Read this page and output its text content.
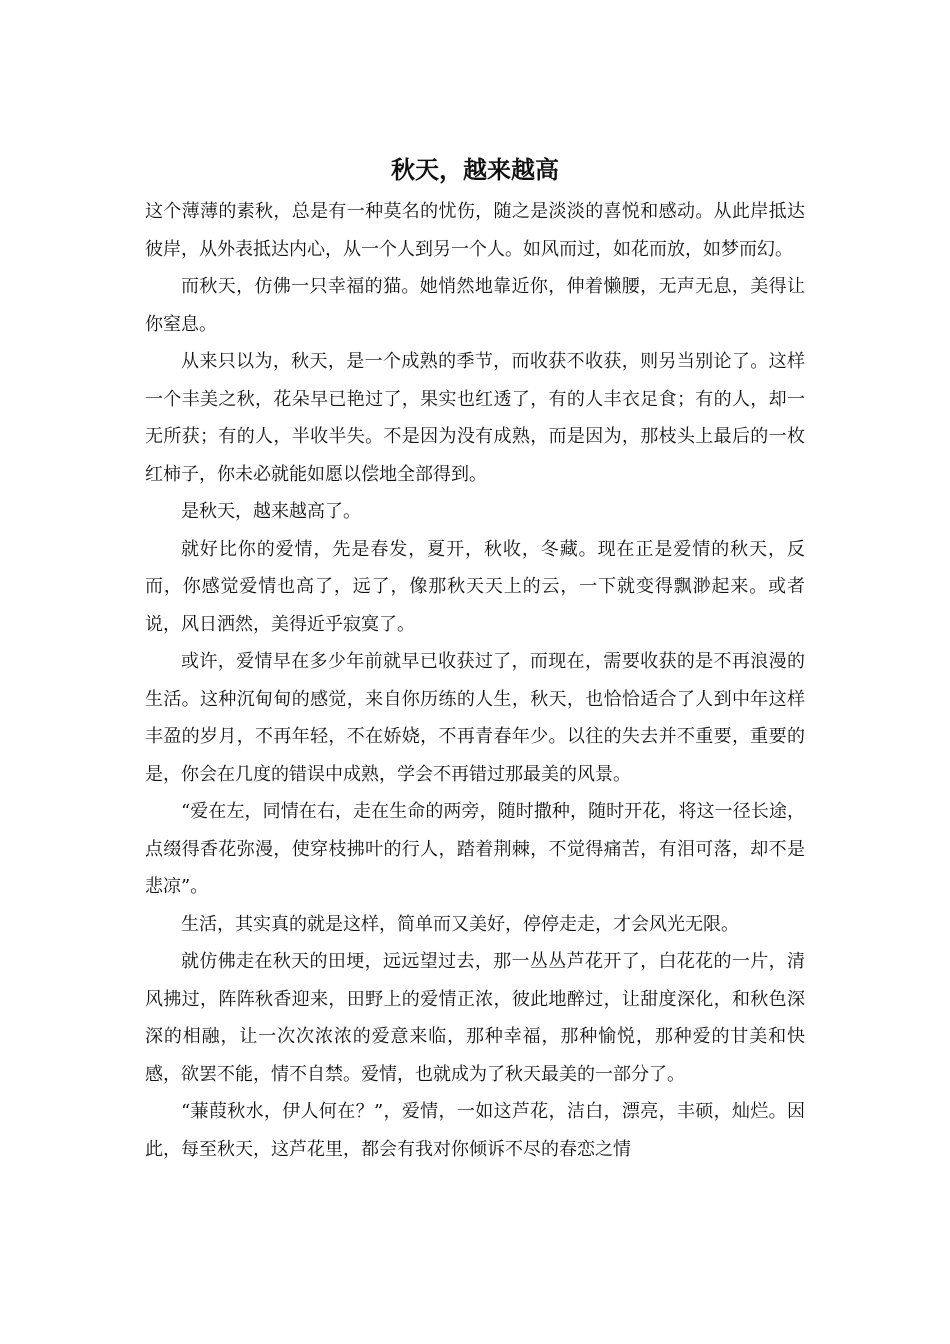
秋天，越来越高

这个薄薄的素秋，总是有一种莫名的忧伤，随之是淡淡的喜悦和感动。从此岸抵达彼岸，从外表抵达内心，从一个人到另一个人。如风而过，如花而放，如梦而幻。

而秋天，仿佛一只幸福的猫。她悄然地靠近你，伸着懒腰，无声无息，美得让你窒息。

从来只以为，秋天，是一个成熟的季节，而收获不收获，则另当别论了。这样一个丰美之秋，花朵早已艳过了，果实也红透了，有的人丰衣足食；有的人，却一无所获；有的人，半收半失。不是因为没有成熟，而是因为，那枝头上最后的一枚红柿子，你未必就能如愿以偿地全部得到。

是秋天，越来越高了。

就好比你的爱情，先是春发，夏开，秋收，冬藏。现在正是爱情的秋天，反而，你感觉爱情也高了，远了，像那秋天天上的云，一下就变得飘渺起来。或者说，风日洒然，美得近乎寂寞了。

或许，爱情早在多少年前就早已收获过了，而现在，需要收获的是不再浪漫的生活。这种沉甸甸的感觉，来自你历练的人生，秋天，也恰恰适合了人到中年这样丰盈的岁月，不再年轻，不在娇娆，不再青春年少。以往的失去并不重要，重要的是，你会在几度的错误中成熟，学会不再错过那最美的风景。

“爱在左，同情在右，走在生命的两旁，随时撒种，随时开花，将这一径长途，点缀得香花弥漫，使穿枝拂叶的行人，踏着荆棘，不觉得痛苦，有泪可落，却不是悲凉”。

生活，其实真的就是这样，简单而又美好，停停走走，才会风光无限。

就仿佛走在秋天的田埂，远远望过去，那一丛丛芦花开了，白花花的一片，清风拂过，阵阵秋香迎来，田野上的爱情正浓，彼此地醉过，让甜度深化，和秋色深深的相融，让一次次浓浓的爱意来临，那种幸福，那种愉悦，那种爱的甘美和快感，欲罢不能，情不自禁。爱情，也就成为了秋天最美的一部分了。

“蒹葭秋水，伊人何在？”，爱情，一如这芦花，洁白，漂亮，丰硕，灿烂。因此，每至秋天，这芦花里，都会有我对你倾诉不尽的春恋之情
